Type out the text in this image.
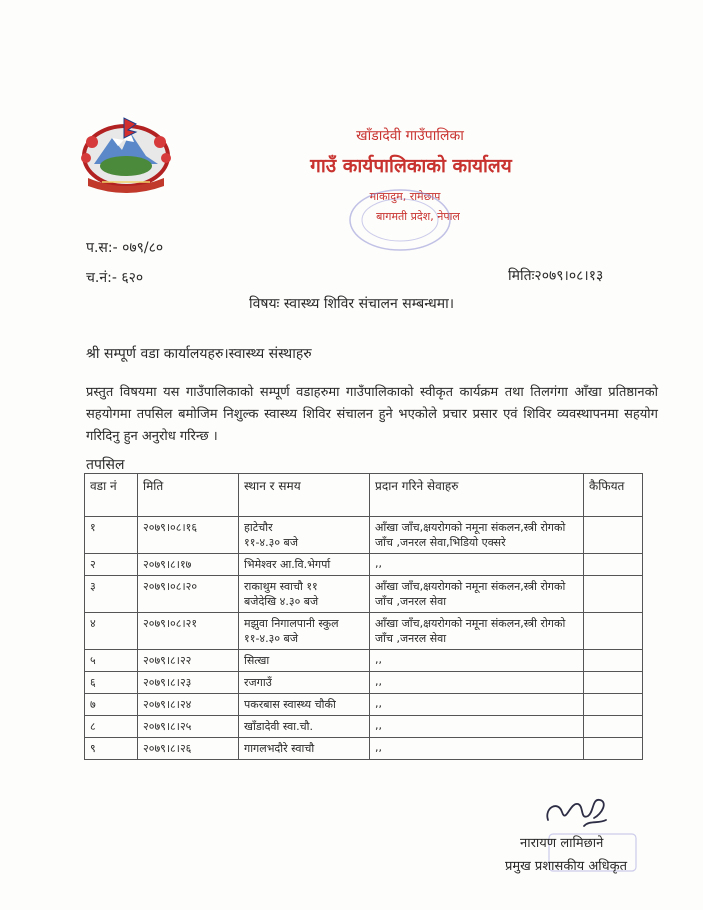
खाँडादेवी गाउँपालिका
गाउँ कार्यपालिकाको कार्यालय
माकादुम, रामेछाप
बागमती प्रदेश, नेपाल
प.स:- ०७९/८०
च.नं:- ६२०	मितिः२०७९।०८।१३
विषयः स्वास्थ्य शिविर संचालन सम्बन्धमा।
श्री सम्पूर्ण वडा कार्यालयहरु।स्वास्थ्य संस्थाहरु
प्रस्तुत विषयमा यस गाउँपालिकाको सम्पूर्ण वडाहरुमा गाउँपालिकाको स्वीकृत कार्यक्रम तथा तिलगंगा आँखा प्रतिष्ठानको सहयोगमा तपसिल बमोजिम निशुल्क स्वास्थ्य शिविर संचालन हुने भएकोले प्रचार प्रसार एवं शिविर व्यवस्थापनमा सहयोग गरिदिनु हुन अनुरोध गरिन्छ ।
तपसिल
वडा नं	मिति	स्थान र समय	प्रदान गरिने सेवाहरु	कैफियत

१	२०७९।०८।१६	हाटेचौर
११-४.३० बजे	आँखा जाँच,क्षयरोगको नमूना संकलन,स्त्री रोगको जाँच ,जनरल सेवा,भिडियो एक्सरे	

२	२०७९।८।१७	भिमेश्वर आ.वि.भेगर्पा	,,	

३	२०७९।०८।२०	राकाथुम स्वाचौ ११
बजेदेखि ४.३० बजे	आँखा जाँच,क्षयरोगको नमूना संकलन,स्त्री रोगको जाँच ,जनरल सेवा	

४	२०७९।०८।२१	मझुवा निगालपानी स्कुल
११-४.३० बजे	आँखा जाँच,क्षयरोगको नमूना संकलन,स्त्री रोगको जाँच ,जनरल सेवा	

५	२०७९।८।२२	सित्खा	,,	

६	२०७९।८।२३	रजगाउँ	,,	

७	२०७९।८।२४	पकरबास स्वास्थ्य चौकी	,,	

८	२०७९।८।२५	खाँडादेवी स्वा.चौ.	,,	

९	२०७९।८।२६	गागलभदौरे स्वाचौ	,,	

नारायण लामिछाने
प्रमुख प्रशासकीय अधिकृत
